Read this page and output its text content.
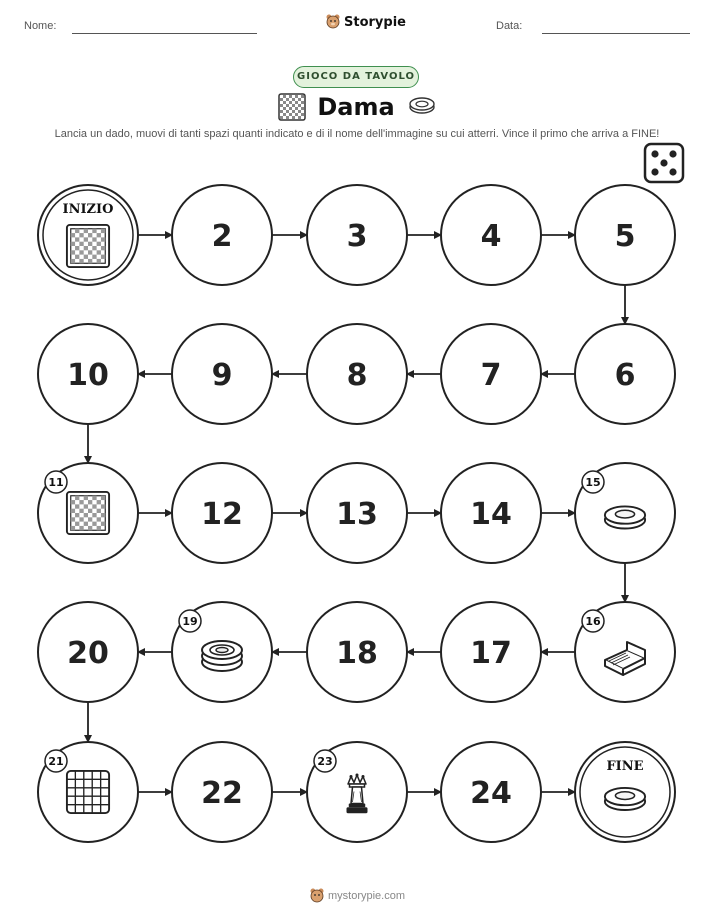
Nome:	Storypie	Data:
GIOCO DA TAVOLO
Dama
Lancia un dado, muovi di tanti spazi quanti indicato e di il nome dell'immagine su cui atterri. Vince il primo che arriva a FINE!
INIZIO
2	3	4	5
6
7
8
9
10
11
12	13	14
15
16
17
18
19
20
21
22
23
24
FINE
mystorypie.com
